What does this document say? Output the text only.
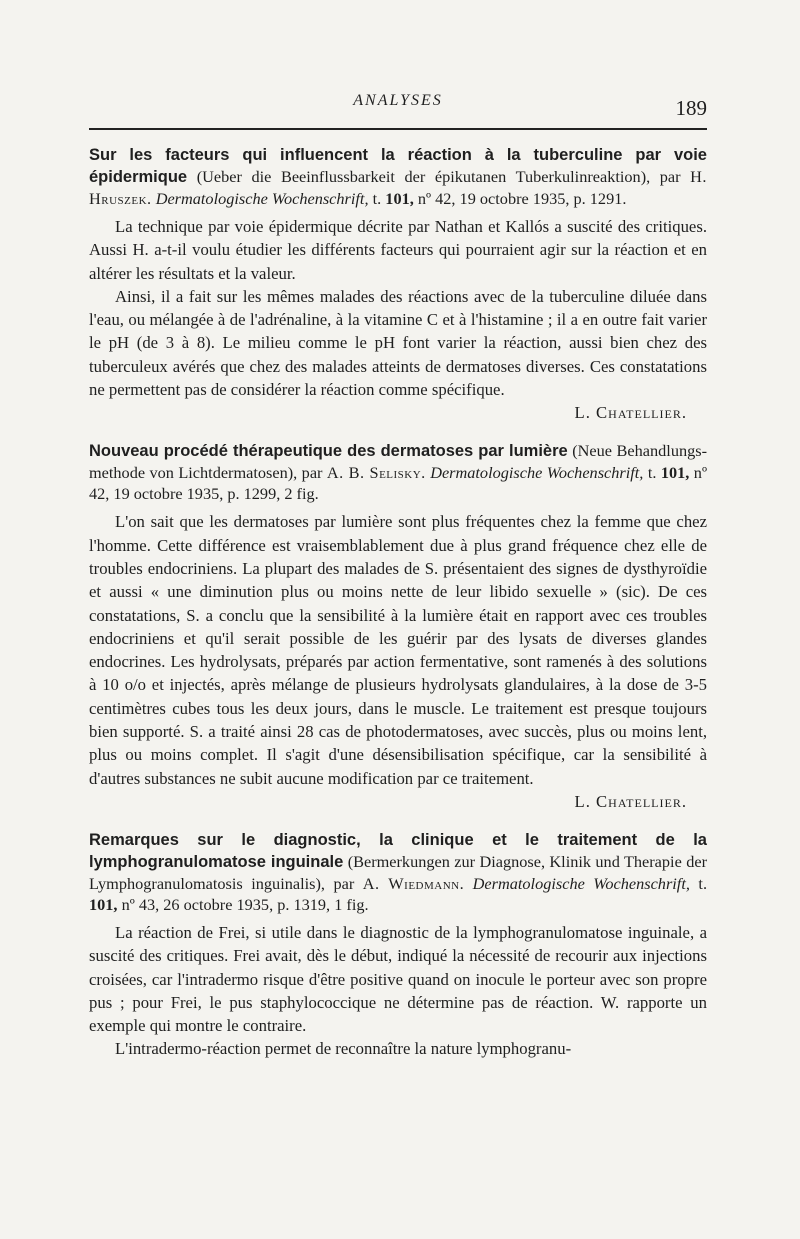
ANALYSES	189

Sur les facteurs qui influencent la réaction à la tuberculine par voie épidermique (Ueber die Beeinflussbarkeit der épikutanen Tuberkulinreaktion), par H. Hruszek. Dermatologische Wochenschrift, t. 101, nº 42, 19 octobre 1935, p. 1291.

La technique par voie épidermique décrite par Nathan et Kallós a suscité des critiques. Aussi H. a-t-il voulu étudier les différents facteurs qui pourraient agir sur la réaction et en altérer les résultats et la valeur.

Ainsi, il a fait sur les mêmes malades des réactions avec de la tuberculine diluée dans l'eau, ou mélangée à de l'adrénaline, à la vitamine C et à l'histamine ; il a en outre fait varier le pH (de 3 à 8). Le milieu comme le pH font varier la réaction, aussi bien chez des tuberculeux avérés que chez des malades atteints de dermatoses diverses. Ces constatations ne permettent pas de considérer la réaction comme spécifique.

L. Chatellier.

Nouveau procédé thérapeutique des dermatoses par lumière (Neue Behandlungs-methode von Lichtdermatosen), par A. B. Selisky. Dermatologische Wochenschrift, t. 101, nº 42, 19 octobre 1935, p. 1299, 2 fig.

L'on sait que les dermatoses par lumière sont plus fréquentes chez la femme que chez l'homme. Cette différence est vraisemblablement due à plus grand fréquence chez elle de troubles endocriniens. La plupart des malades de S. présentaient des signes de dysthyroïdie et aussi « une diminution plus ou moins nette de leur libido sexuelle » (sic). De ces constatations, S. a conclu que la sensibilité à la lumière était en rapport avec ces troubles endocriniens et qu'il serait possible de les guérir par des lysats de diverses glandes endocrines. Les hydrolysats, préparés par action fermentative, sont ramenés à des solutions à 10 o/o et injectés, après mélange de plusieurs hydrolysats glandulaires, à la dose de 3-5 centimètres cubes tous les deux jours, dans le muscle. Le traitement est presque toujours bien supporté. S. a traité ainsi 28 cas de photodermatoses, avec succès, plus ou moins lent, plus ou moins complet. Il s'agit d'une désensibilisation spécifique, car la sensibilité à d'autres substances ne subit aucune modification par ce traitement.

L. Chatellier.

Remarques sur le diagnostic, la clinique et le traitement de la lymphogranulomatose inguinale (Bermerkungen zur Diagnose, Klinik und Therapie der Lymphogranulomatosis inguinalis), par A. Wiedmann. Dermatologische Wochenschrift, t. 101, nº 43, 26 octobre 1935, p. 1319, 1 fig.

La réaction de Frei, si utile dans le diagnostic de la lymphogranulomatose inguinale, a suscité des critiques. Frei avait, dès le début, indiqué la nécessité de recourir aux injections croisées, car l'intradermo risque d'être positive quand on inocule le porteur avec son propre pus ; pour Frei, le pus staphylococcique ne détermine pas de réaction. W. rapporte un exemple qui montre le contraire.

L'intradermo-réaction permet de reconnaître la nature lymphogranu-
